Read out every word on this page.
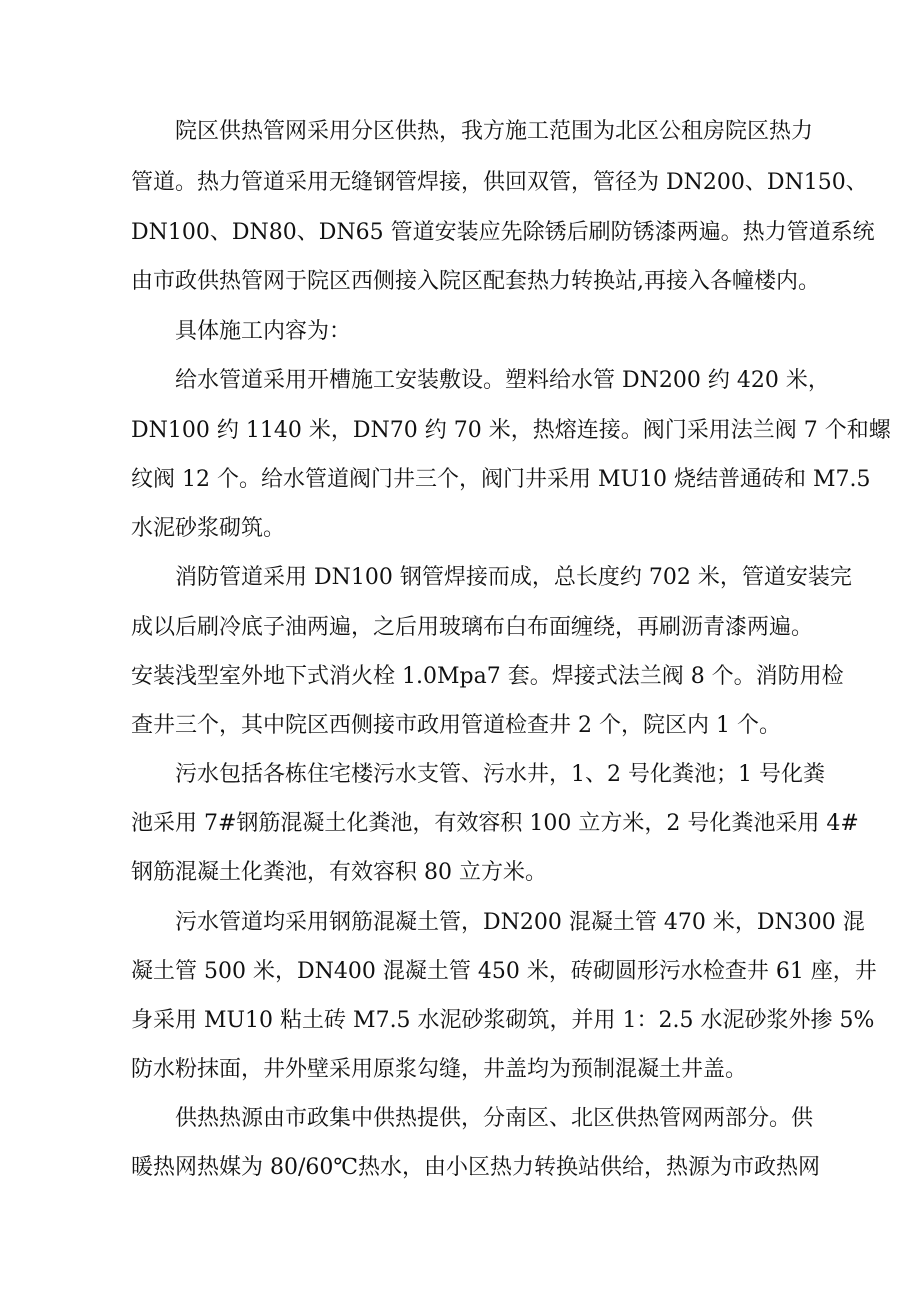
院区供热管网采用分区供热，我方施工范围为北区公租房院区热力
管道。热力管道采用无缝钢管焊接，供回双管，管径为 DN200、DN150、
DN100、DN80、DN65 管道安装应先除锈后刷防锈漆两遍。热力管道系统
由市政供热管网于院区西侧接入院区配套热力转换站,再接入各幢楼内。
具体施工内容为：
给水管道采用开槽施工安装敷设。塑料给水管 DN200 约 420 米，
DN100 约 1140 米，DN70 约 70 米，热熔连接。阀门采用法兰阀 7 个和螺
纹阀 12 个。给水管道阀门井三个，阀门井采用 MU10 烧结普通砖和 M7.5
水泥砂浆砌筑。
消防管道采用 DN100 钢管焊接而成，总长度约 702 米，管道安装完
成以后刷冷底子油两遍，之后用玻璃布白布面缠绕，再刷沥青漆两遍。
安装浅型室外地下式消火栓 1.0Mpa7 套。焊接式法兰阀 8 个。消防用检
查井三个，其中院区西侧接市政用管道检查井 2 个，院区内 1 个。
污水包括各栋住宅楼污水支管、污水井，1、2 号化粪池；1 号化粪
池采用 7#钢筋混凝土化粪池，有效容积 100 立方米，2 号化粪池采用 4#
钢筋混凝土化粪池，有效容积 80 立方米。
污水管道均采用钢筋混凝土管，DN200 混凝土管 470 米，DN300 混
凝土管 500 米，DN400 混凝土管 450 米，砖砌圆形污水检查井 61 座，井
身采用 MU10 粘土砖 M7.5 水泥砂浆砌筑，并用 1：2.5 水泥砂浆外掺 5%
防水粉抹面，井外壁采用原浆勾缝，井盖均为预制混凝土井盖。
供热热源由市政集中供热提供，分南区、北区供热管网两部分。供
暖热网热媒为 80/60℃热水，由小区热力转换站供给，热源为市政热网
